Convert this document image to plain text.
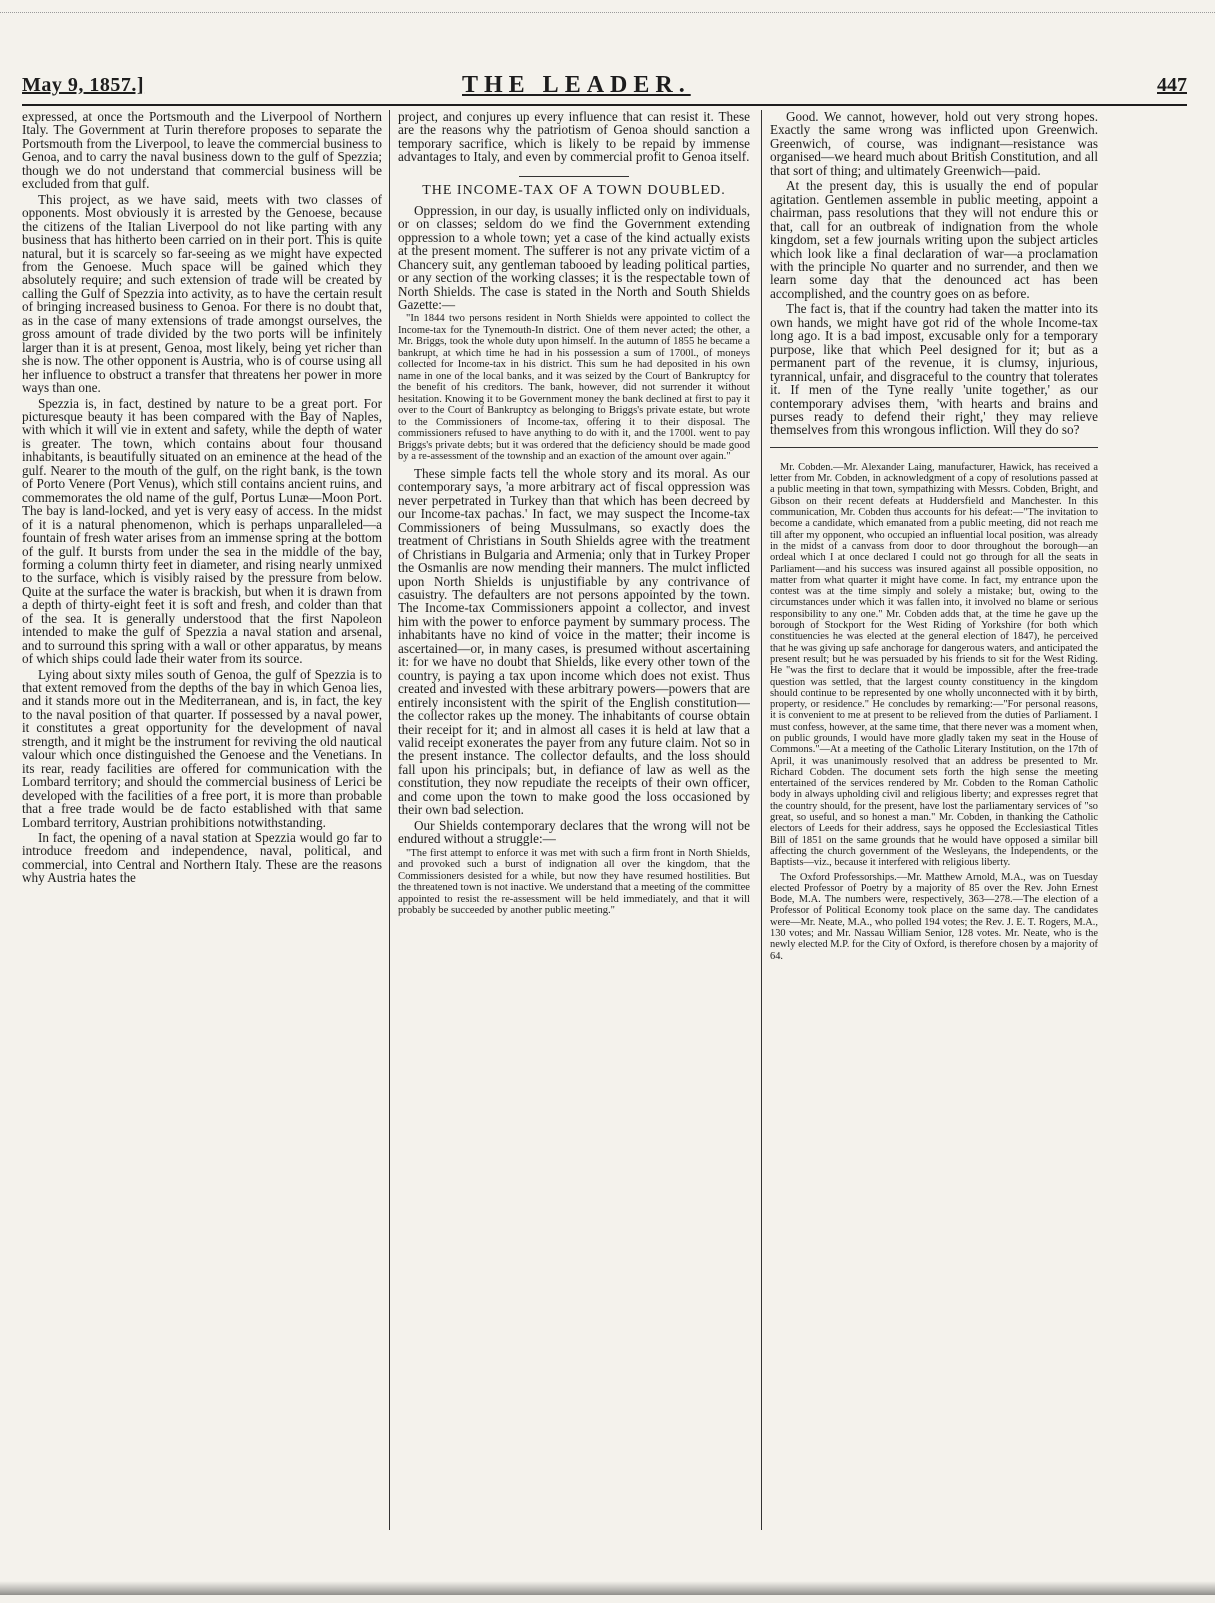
May 9, 1857.]	THE LEADER.	447

expressed, at once the Portsmouth and the Liverpool of Northern Italy. The Government at Turin therefore proposes to separate the Portsmouth from the Liverpool, to leave the commercial business to Genoa, and to carry the naval business down to the gulf of Spezzia; though we do not understand that commercial business will be excluded from that gulf.

This project, as we have said, meets with two classes of opponents. Most obviously it is arrested by the Genoese, because the citizens of the Italian Liverpool do not like parting with any business that has hitherto been carried on in their port. This is quite natural, but it is scarcely so far-seeing as we might have expected from the Genoese. Much space will be gained which they absolutely require; and such extension of trade will be created by calling the Gulf of Spezzia into activity, as to have the certain result of bringing increased business to Genoa. For there is no doubt that, as in the case of many extensions of trade amongst ourselves, the gross amount of trade divided by the two ports will be infinitely larger than it is at present, Genoa, most likely, being yet richer than she is now. The other opponent is Austria, who is of course using all her influence to obstruct a transfer that threatens her power in more ways than one.

Spezzia is, in fact, destined by nature to be a great port. For picturesque beauty it has been compared with the Bay of Naples, with which it will vie in extent and safety, while the depth of water is greater. The town, which contains about four thousand inhabitants, is beautifully situated on an eminence at the head of the gulf. Nearer to the mouth of the gulf, on the right bank, is the town of Porto Venere (Port Venus), which still contains ancient ruins, and commemorates the old name of the gulf, Portus Lunæ—Moon Port. The bay is land-locked, and yet is very easy of access. In the midst of it is a natural phenomenon, which is perhaps unparalleled—a fountain of fresh water arises from an immense spring at the bottom of the gulf. It bursts from under the sea in the middle of the bay, forming a column thirty feet in diameter, and rising nearly unmixed to the surface, which is visibly raised by the pressure from below. Quite at the surface the water is brackish, but when it is drawn from a depth of thirty-eight feet it is soft and fresh, and colder than that of the sea. It is generally understood that the first Napoleon intended to make the gulf of Spezzia a naval station and arsenal, and to surround this spring with a wall or other apparatus, by means of which ships could lade their water from its source.

Lying about sixty miles south of Genoa, the gulf of Spezzia is to that extent removed from the depths of the bay in which Genoa lies, and it stands more out in the Mediterranean, and is, in fact, the key to the naval position of that quarter. If possessed by a naval power, it constitutes a great opportunity for the development of naval strength, and it might be the instrument for reviving the old nautical valour which once distinguished the Genoese and the Venetians. In its rear, ready facilities are offered for communication with the Lombard territory; and should the commercial business of Lerici be developed with the facilities of a free port, it is more than probable that a free trade would be de facto established with that same Lombard territory, Austrian prohibitions notwithstanding.

In fact, the opening of a naval station at Spezzia would go far to introduce freedom and independence, naval, political, and commercial, into Central and Northern Italy. These are the reasons why Austria hates the

project, and conjures up every influence that can resist it. These are the reasons why the patriotism of Genoa should sanction a temporary sacrifice, which is likely to be repaid by immense advantages to Italy, and even by commercial profit to Genoa itself.

THE INCOME-TAX OF A TOWN DOUBLED.

Oppression, in our day, is usually inflicted only on individuals, or on classes; seldom do we find the Government extending oppression to a whole town; yet a case of the kind actually exists at the present moment. The sufferer is not any private victim of a Chancery suit, any gentleman tabooed by leading political parties, or any section of the working classes; it is the respectable town of North Shields. The case is stated in the North and South Shields Gazette:—

"In 1844 two persons resident in North Shields were appointed to collect the Income-tax for the Tynemouth-In district. One of them never acted; the other, a Mr. Briggs, took the whole duty upon himself. In the autumn of 1855 he became a bankrupt, at which time he had in his possession a sum of 1700l., of moneys collected for Income-tax in his district. This sum he had deposited in his own name in one of the local banks, and it was seized by the Court of Bankruptcy for the benefit of his creditors. The bank, however, did not surrender it without hesitation. Knowing it to be Government money the bank declined at first to pay it over to the Court of Bankruptcy as belonging to Briggs's private estate, but wrote to the Commissioners of Income-tax, offering it to their disposal. The commissioners refused to have anything to do with it, and the 1700l. went to pay Briggs's private debts; but it was ordered that the deficiency should be made good by a re-assessment of the township and an exaction of the amount over again."

These simple facts tell the whole story and its moral. As our contemporary says, 'a more arbitrary act of fiscal oppression was never perpetrated in Turkey than that which has been decreed by our Income-tax pachas.' In fact, we may suspect the Income-tax Commissioners of being Mussulmans, so exactly does the treatment of Christians in South Shields agree with the treatment of Christians in Bulgaria and Armenia; only that in Turkey Proper the Osmanlis are now mending their manners. The mulct inflicted upon North Shields is unjustifiable by any contrivance of casuistry. The defaulters are not persons appointed by the town. The Income-tax Commissioners appoint a collector, and invest him with the power to enforce payment by summary process. The inhabitants have no kind of voice in the matter; their income is ascertained—or, in many cases, is presumed without ascertaining it: for we have no doubt that Shields, like every other town of the country, is paying a tax upon income which does not exist. Thus created and invested with these arbitrary powers—powers that are entirely inconsistent with the spirit of the English constitution—the collector rakes up the money. The inhabitants of course obtain their receipt for it; and in almost all cases it is held at law that a valid receipt exonerates the payer from any future claim. Not so in the present instance. The collector defaults, and the loss should fall upon his principals; but, in defiance of law as well as the constitution, they now repudiate the receipts of their own officer, and come upon the town to make good the loss occasioned by their own bad selection.

Our Shields contemporary declares that the wrong will not be endured without a struggle:—

"The first attempt to enforce it was met with such a firm front in North Shields, and provoked such a burst of indignation all over the kingdom, that the Commissioners desisted for a while, but now they have resumed hostilities. But the threatened town is not inactive. We understand that a meeting of the committee appointed to resist the re-assessment will be held immediately, and that it will probably be succeeded by another public meeting."

Good. We cannot, however, hold out very strong hopes. Exactly the same wrong was inflicted upon Greenwich. Greenwich, of course, was indignant—resistance was organised—we heard much about British Constitution, and all that sort of thing; and ultimately Greenwich—paid.

At the present day, this is usually the end of popular agitation. Gentlemen assemble in public meeting, appoint a chairman, pass resolutions that they will not endure this or that, call for an outbreak of indignation from the whole kingdom, set a few journals writing upon the subject articles which look like a final declaration of war—a proclamation with the principle No quarter and no surrender, and then we learn some day that the denounced act has been accomplished, and the country goes on as before.

The fact is, that if the country had taken the matter into its own hands, we might have got rid of the whole Income-tax long ago. It is a bad impost, excusable only for a temporary purpose, like that which Peel designed for it; but as a permanent part of the revenue, it is clumsy, injurious, tyrannical, unfair, and disgraceful to the country that tolerates it. If men of the Tyne really 'unite together,' as our contemporary advises them, 'with hearts and brains and purses ready to defend their right,' they may relieve themselves from this wrongous infliction. Will they do so?

Mr. Cobden.—Mr. Alexander Laing, manufacturer, Hawick, has received a letter from Mr. Cobden, in acknowledgment of a copy of resolutions passed at a public meeting in that town, sympathizing with Messrs. Cobden, Bright, and Gibson on their recent defeats at Huddersfield and Manchester. In this communication, Mr. Cobden thus accounts for his defeat:—"The invitation to become a candidate, which emanated from a public meeting, did not reach me till after my opponent, who occupied an influential local position, was already in the midst of a canvass from door to door throughout the borough—an ordeal which I at once declared I could not go through for all the seats in Parliament—and his success was insured against all possible opposition, no matter from what quarter it might have come. In fact, my entrance upon the contest was at the time simply and solely a mistake; but, owing to the circumstances under which it was fallen into, it involved no blame or serious responsibility to any one." Mr. Cobden adds that, at the time he gave up the borough of Stockport for the West Riding of Yorkshire (for both which constituencies he was elected at the general election of 1847), he perceived that he was giving up safe anchorage for dangerous waters, and anticipated the present result; but he was persuaded by his friends to sit for the West Riding. He "was the first to declare that it would be impossible, after the free-trade question was settled, that the largest county constituency in the kingdom should continue to be represented by one wholly unconnected with it by birth, property, or residence." He concludes by remarking:—"For personal reasons, it is convenient to me at present to be relieved from the duties of Parliament. I must confess, however, at the same time, that there never was a moment when, on public grounds, I would have more gladly taken my seat in the House of Commons."—At a meeting of the Catholic Literary Institution, on the 17th of April, it was unanimously resolved that an address be presented to Mr. Richard Cobden. The document sets forth the high sense the meeting entertained of the services rendered by Mr. Cobden to the Roman Catholic body in always upholding civil and religious liberty; and expresses regret that the country should, for the present, have lost the parliamentary services of "so great, so useful, and so honest a man." Mr. Cobden, in thanking the Catholic electors of Leeds for their address, says he opposed the Ecclesiastical Titles Bill of 1851 on the same grounds that he would have opposed a similar bill affecting the church government of the Wesleyans, the Independents, or the Baptists—viz., because it interfered with religious liberty.

The Oxford Professorships.—Mr. Matthew Arnold, M.A., was on Tuesday elected Professor of Poetry by a majority of 85 over the Rev. John Ernest Bode, M.A. The numbers were, respectively, 363—278.—The election of a Professor of Political Economy took place on the same day. The candidates were—Mr. Neate, M.A., who polled 194 votes; the Rev. J. E. T. Rogers, M.A., 130 votes; and Mr. Nassau William Senior, 128 votes. Mr. Neate, who is the newly elected M.P. for the City of Oxford, is therefore chosen by a majority of 64.
